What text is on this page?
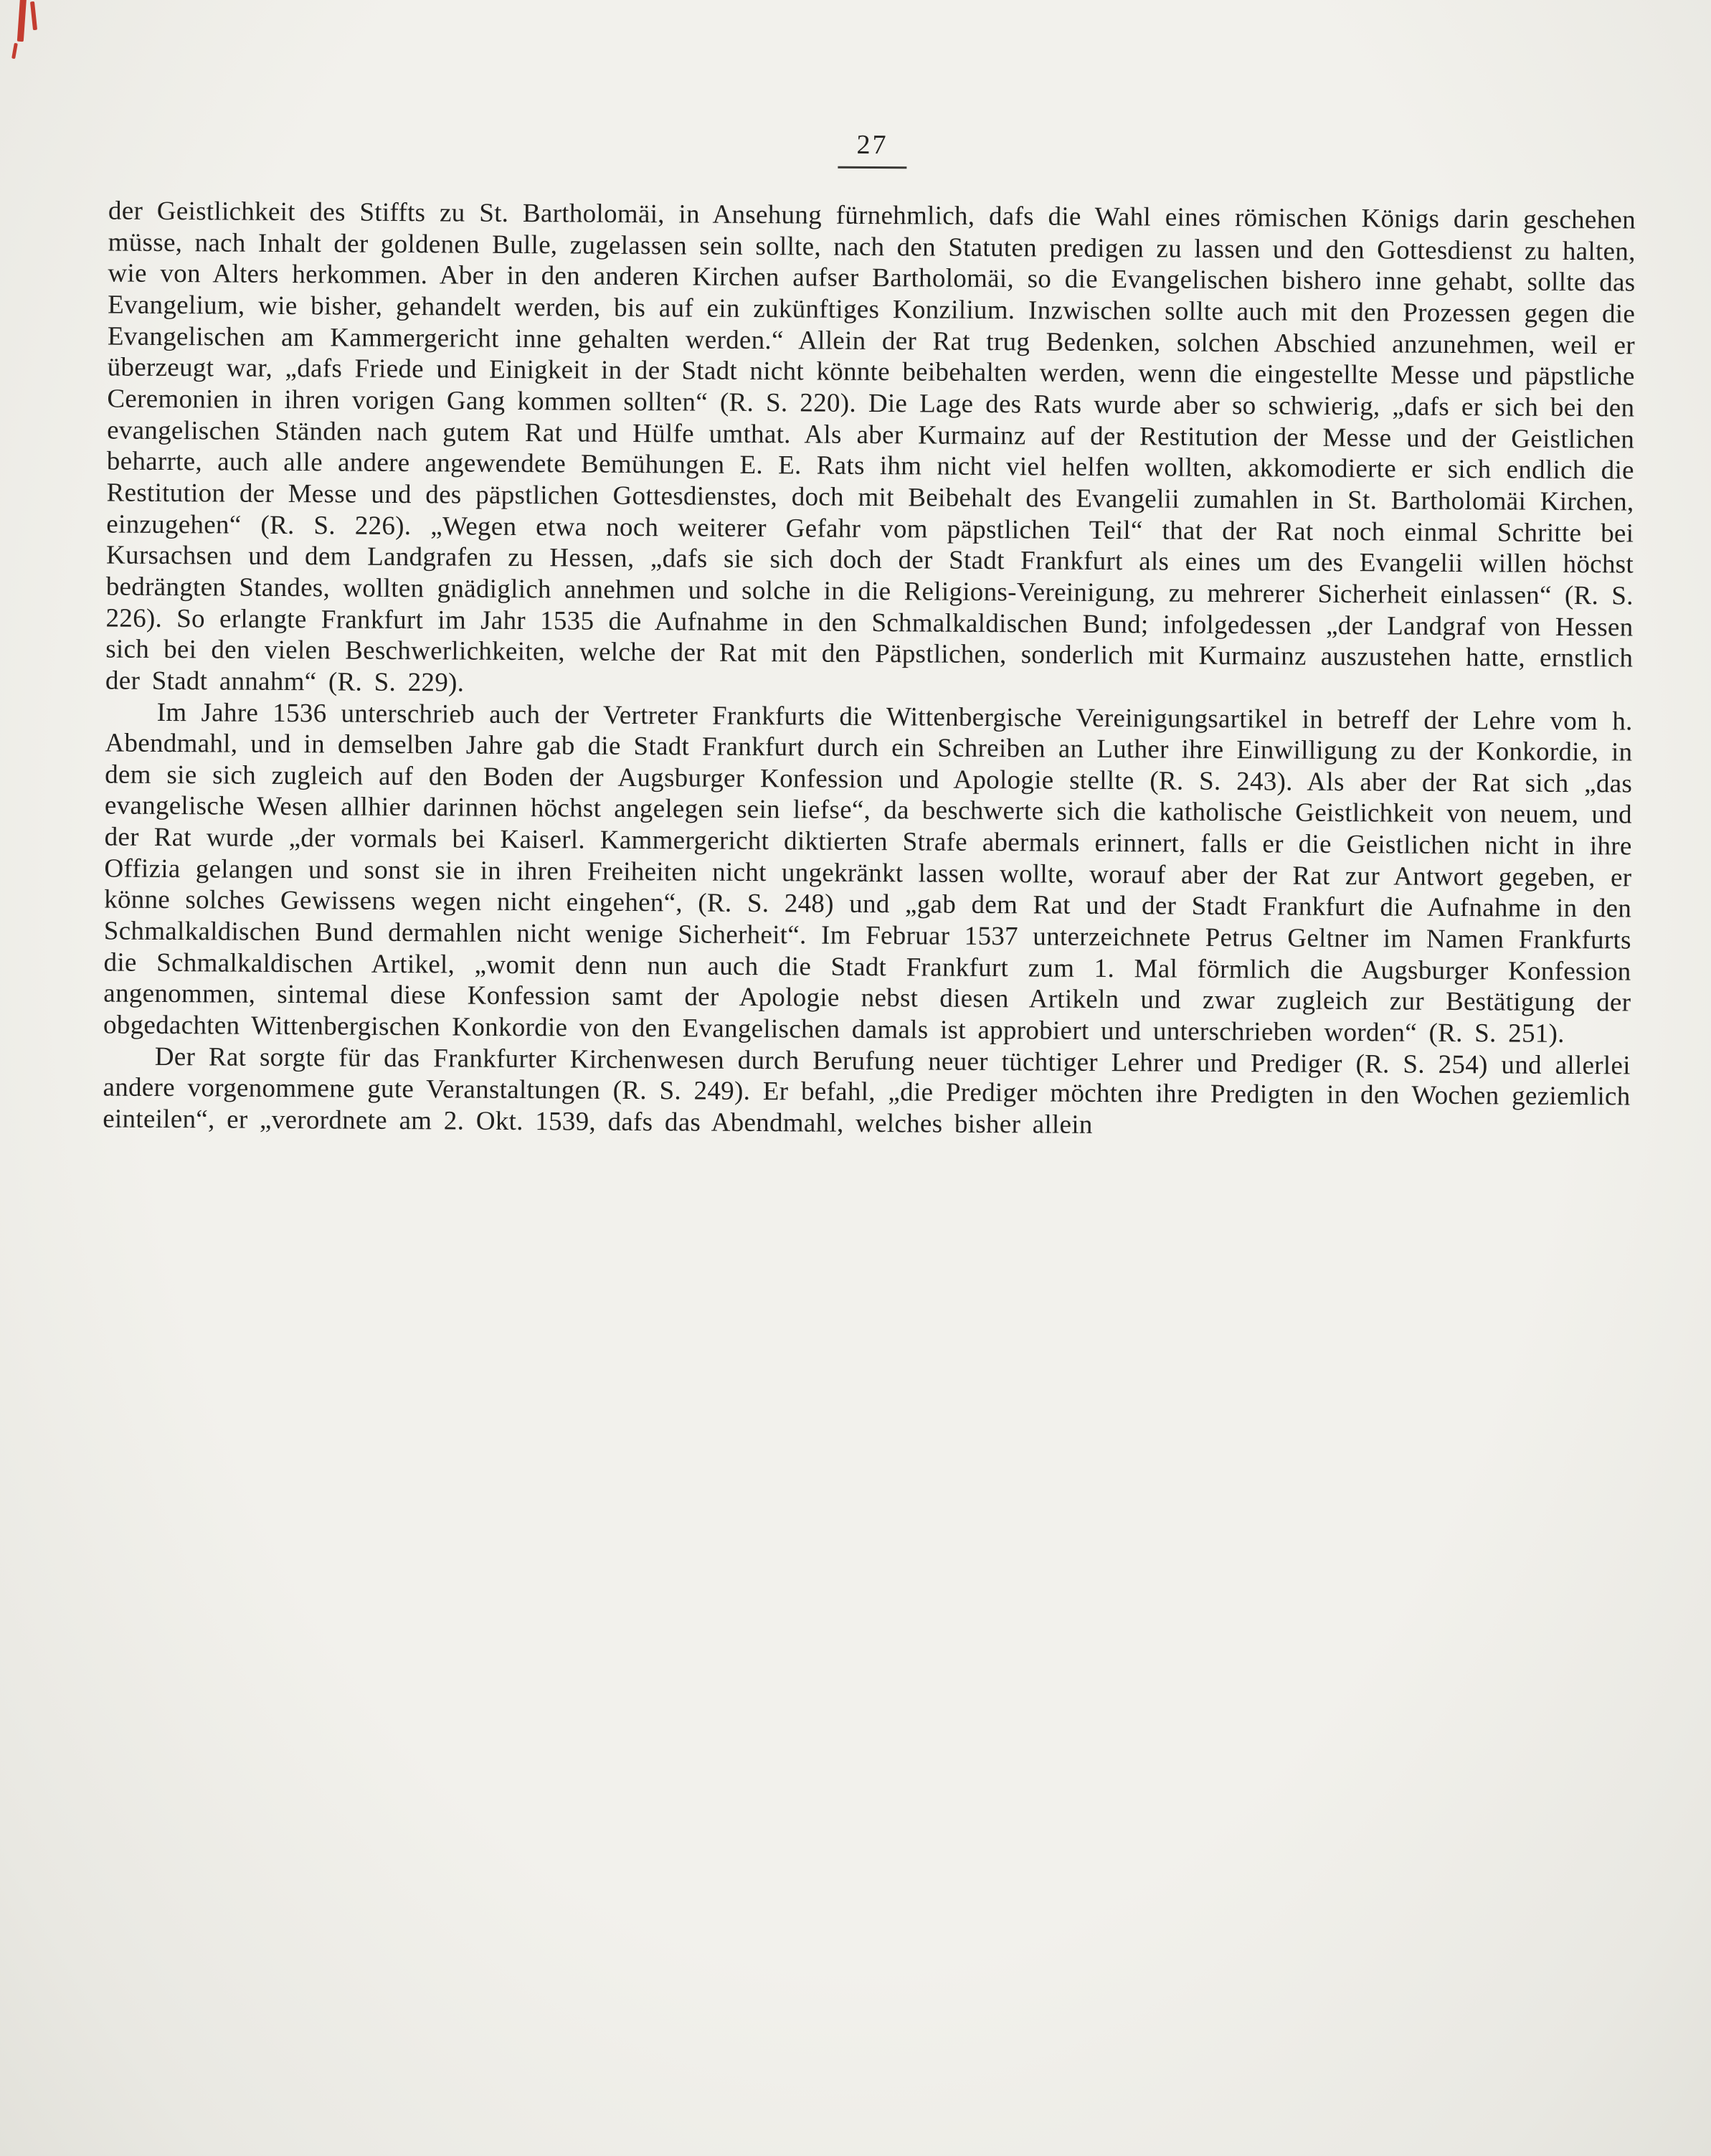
27

der Geistlichkeit des Stiffts zu St. Bartholomäi, in Ansehung fürnehmlich, dafs die Wahl eines römischen Königs darin geschehen müsse, nach Inhalt der goldenen Bulle, zugelassen sein sollte, nach den Statuten predigen zu lassen und den Gottesdienst zu halten, wie von Alters herkommen. Aber in den anderen Kirchen aufser Bartholomäi, so die Evangelischen bishero inne gehabt, sollte das Evangelium, wie bisher, gehandelt werden, bis auf ein zukünftiges Konzilium. Inzwischen sollte auch mit den Prozessen gegen die Evangelischen am Kammergericht inne gehalten werden.“ Allein der Rat trug Bedenken, solchen Abschied anzunehmen, weil er überzeugt war, „dafs Friede und Einigkeit in der Stadt nicht könnte beibehalten werden, wenn die eingestellte Messe und päpstliche Ceremonien in ihren vorigen Gang kommen sollten“ (R. S. 220). Die Lage des Rats wurde aber so schwierig, „dafs er sich bei den evangelischen Ständen nach gutem Rat und Hülfe umthat. Als aber Kurmainz auf der Restitution der Messe und der Geistlichen beharrte, auch alle andere angewendete Bemühungen E. E. Rats ihm nicht viel helfen wollten, akkomodierte er sich endlich die Restitution der Messe und des päpstlichen Gottesdienstes, doch mit Beibehalt des Evangelii zumahlen in St. Bartholomäi Kirchen, einzugehen“ (R. S. 226). „Wegen etwa noch weiterer Gefahr vom päpstlichen Teil“ that der Rat noch einmal Schritte bei Kursachsen und dem Landgrafen zu Hessen, „dafs sie sich doch der Stadt Frankfurt als eines um des Evangelii willen höchst bedrängten Standes, wollten gnädiglich annehmen und solche in die Religions-Vereinigung, zu mehrerer Sicherheit einlassen“ (R. S. 226). So erlangte Frankfurt im Jahr 1535 die Aufnahme in den Schmalkaldischen Bund; infolgedessen „der Landgraf von Hessen sich bei den vielen Beschwerlichkeiten, welche der Rat mit den Päpstlichen, sonderlich mit Kurmainz auszustehen hatte, ernstlich der Stadt annahm“ (R. S. 229).

Im Jahre 1536 unterschrieb auch der Vertreter Frankfurts die Wittenbergische Vereinigungsartikel in betreff der Lehre vom h. Abendmahl, und in demselben Jahre gab die Stadt Frankfurt durch ein Schreiben an Luther ihre Einwilligung zu der Konkordie, in dem sie sich zugleich auf den Boden der Augsburger Konfession und Apologie stellte (R. S. 243). Als aber der Rat sich „das evangelische Wesen allhier darinnen höchst angelegen sein liefse“, da beschwerte sich die katholische Geistlichkeit von neuem, und der Rat wurde „der vormals bei Kaiserl. Kammergericht diktierten Strafe abermals erinnert, falls er die Geistlichen nicht in ihre Offizia gelangen und sonst sie in ihren Freiheiten nicht ungekränkt lassen wollte, worauf aber der Rat zur Antwort gegeben, er könne solches Gewissens wegen nicht eingehen“, (R. S. 248) und „gab dem Rat und der Stadt Frankfurt die Aufnahme in den Schmalkaldischen Bund dermahlen nicht wenige Sicherheit“. Im Februar 1537 unterzeichnete Petrus Geltner im Namen Frankfurts die Schmalkaldischen Artikel, „womit denn nun auch die Stadt Frankfurt zum 1. Mal förmlich die Augsburger Konfession angenommen, sintemal diese Konfession samt der Apologie nebst diesen Artikeln und zwar zugleich zur Bestätigung der obgedachten Wittenbergischen Konkordie von den Evangelischen damals ist approbiert und unterschrieben worden“ (R. S. 251).

Der Rat sorgte für das Frankfurter Kirchenwesen durch Berufung neuer tüchtiger Lehrer und Prediger (R. S. 254) und allerlei andere vorgenommene gute Veranstaltungen (R. S. 249). Er befahl, „die Prediger möchten ihre Predigten in den Wochen geziemlich einteilen“, er „verordnete am 2. Okt. 1539, dafs das Abendmahl, welches bisher allein
